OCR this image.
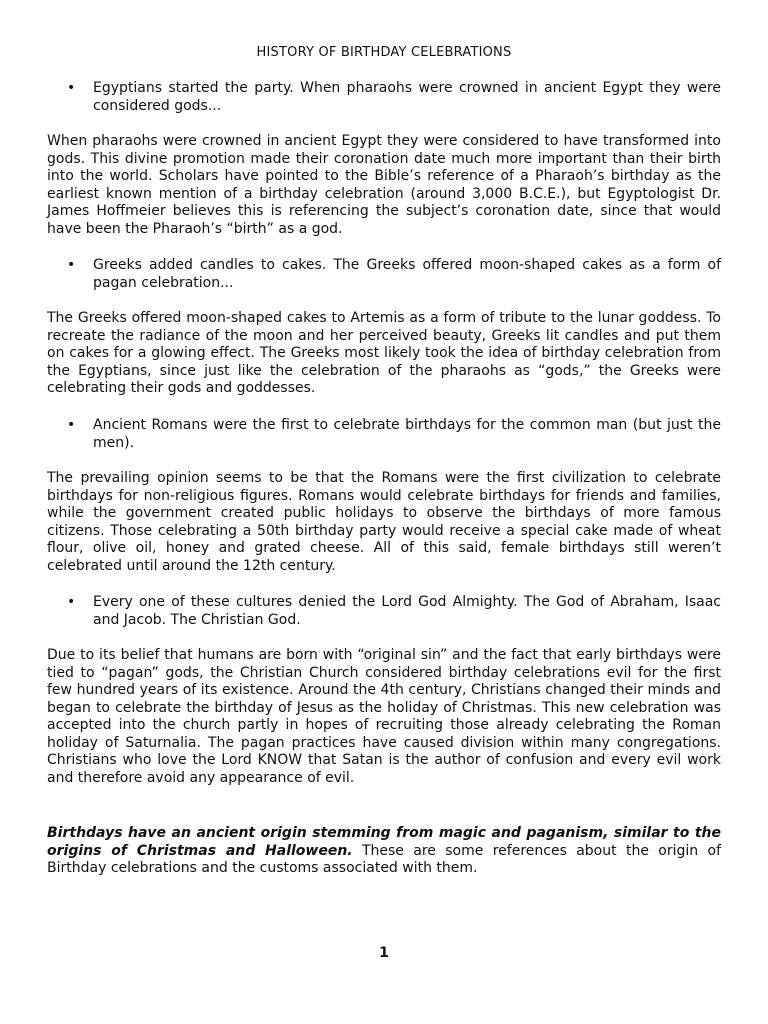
HISTORY OF BIRTHDAY CELEBRATIONS
•	Egyptians started the party. When pharaohs were crowned in ancient Egypt they were considered gods...

When pharaohs were crowned in ancient Egypt they were considered to have transformed into gods. This divine promotion made their coronation date much more important than their birth into the world. Scholars have pointed to the Bible’s reference of a Pharaoh’s birthday as the earliest known mention of a birthday celebration (around 3,000 B.C.E.), but Egyptologist Dr. James Hoffmeier believes this is referencing the subject’s coronation date, since that would have been the Pharaoh’s “birth” as a god.

•	Greeks added candles to cakes. The Greeks offered moon-shaped cakes as a form of pagan celebration...

The Greeks offered moon-shaped cakes to Artemis as a form of tribute to the lunar goddess. To recreate the radiance of the moon and her perceived beauty, Greeks lit candles and put them on cakes for a glowing effect. The Greeks most likely took the idea of birthday celebration from the Egyptians, since just like the celebration of the pharaohs as “gods,” the Greeks were celebrating their gods and goddesses.

•	Ancient Romans were the first to celebrate birthdays for the common man (but just the men).

The prevailing opinion seems to be that the Romans were the first civilization to celebrate birthdays for non-religious figures. Romans would celebrate birthdays for friends and families, while the government created public holidays to observe the birthdays of more famous citizens. Those celebrating a 50th birthday party would receive a special cake made of wheat flour, olive oil, honey and grated cheese. All of this said, female birthdays still weren’t celebrated until around the 12th century.

•	Every one of these cultures denied the Lord God Almighty. The God of Abraham, Isaac and Jacob. The Christian God.

Due to its belief that humans are born with “original sin” and the fact that early birthdays were tied to “pagan” gods, the Christian Church considered birthday celebrations evil for the first few hundred years of its existence. Around the 4th century, Christians changed their minds and began to celebrate the birthday of Jesus as the holiday of Christmas. This new celebration was accepted into the church partly in hopes of recruiting those already celebrating the Roman holiday of Saturnalia. The pagan practices have caused division within many congregations. Christians who love the Lord KNOW that Satan is the author of confusion and every evil work and therefore avoid any appearance of evil.

Birthdays have an ancient origin stemming from magic and paganism, similar to the origins of Christmas and Halloween. These are some references about the origin of Birthday celebrations and the customs associated with them.

1
